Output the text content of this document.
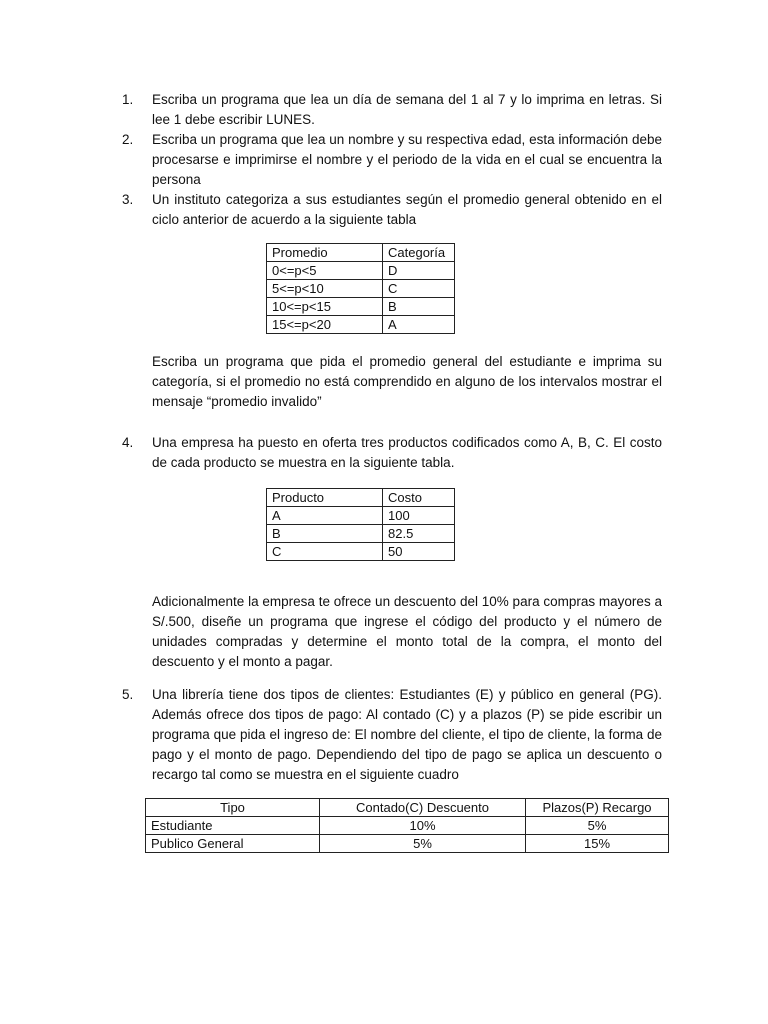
1.	Escriba un programa que lea un día de semana del 1 al 7 y lo imprima en letras. Si lee 1 debe escribir LUNES.
2.	Escriba un programa que lea un nombre y su respectiva edad, esta información debe procesarse e imprimirse el nombre y el periodo de la vida en el cual se encuentra la persona
3.	Un instituto categoriza a sus estudiantes según el promedio general obtenido en el ciclo anterior de acuerdo a la siguiente tabla
Promedio	Categoría
0<=p<5	D
5<=p<10	C
10<=p<15	B
15<=p<20	A
Escriba un programa que pida el promedio general del estudiante e imprima su categoría, si el promedio no está comprendido en alguno de los intervalos mostrar el mensaje “promedio invalido”
4.	Una empresa ha puesto en oferta tres productos codificados como A, B, C. El costo de cada producto se muestra en la siguiente tabla.
Producto	Costo
A	100
B	82.5
C	50
Adicionalmente la empresa te ofrece un descuento del 10% para compras mayores a S/.500, diseñe un programa que ingrese el código del producto y el número de unidades compradas y determine el monto total de la compra, el monto del descuento y el monto a pagar.
5.	Una librería tiene dos tipos de clientes: Estudiantes (E) y público en general (PG). Además ofrece dos tipos de pago: Al contado (C) y a plazos (P) se pide escribir un programa que pida el ingreso de: El nombre del cliente, el tipo de cliente, la forma de pago y el monto de pago. Dependiendo del tipo de pago se aplica un descuento o recargo tal como se muestra en el siguiente cuadro
Tipo	Contado(C) Descuento	Plazos(P) Recargo
Estudiante	10%	5%
Publico General	5%	15%
